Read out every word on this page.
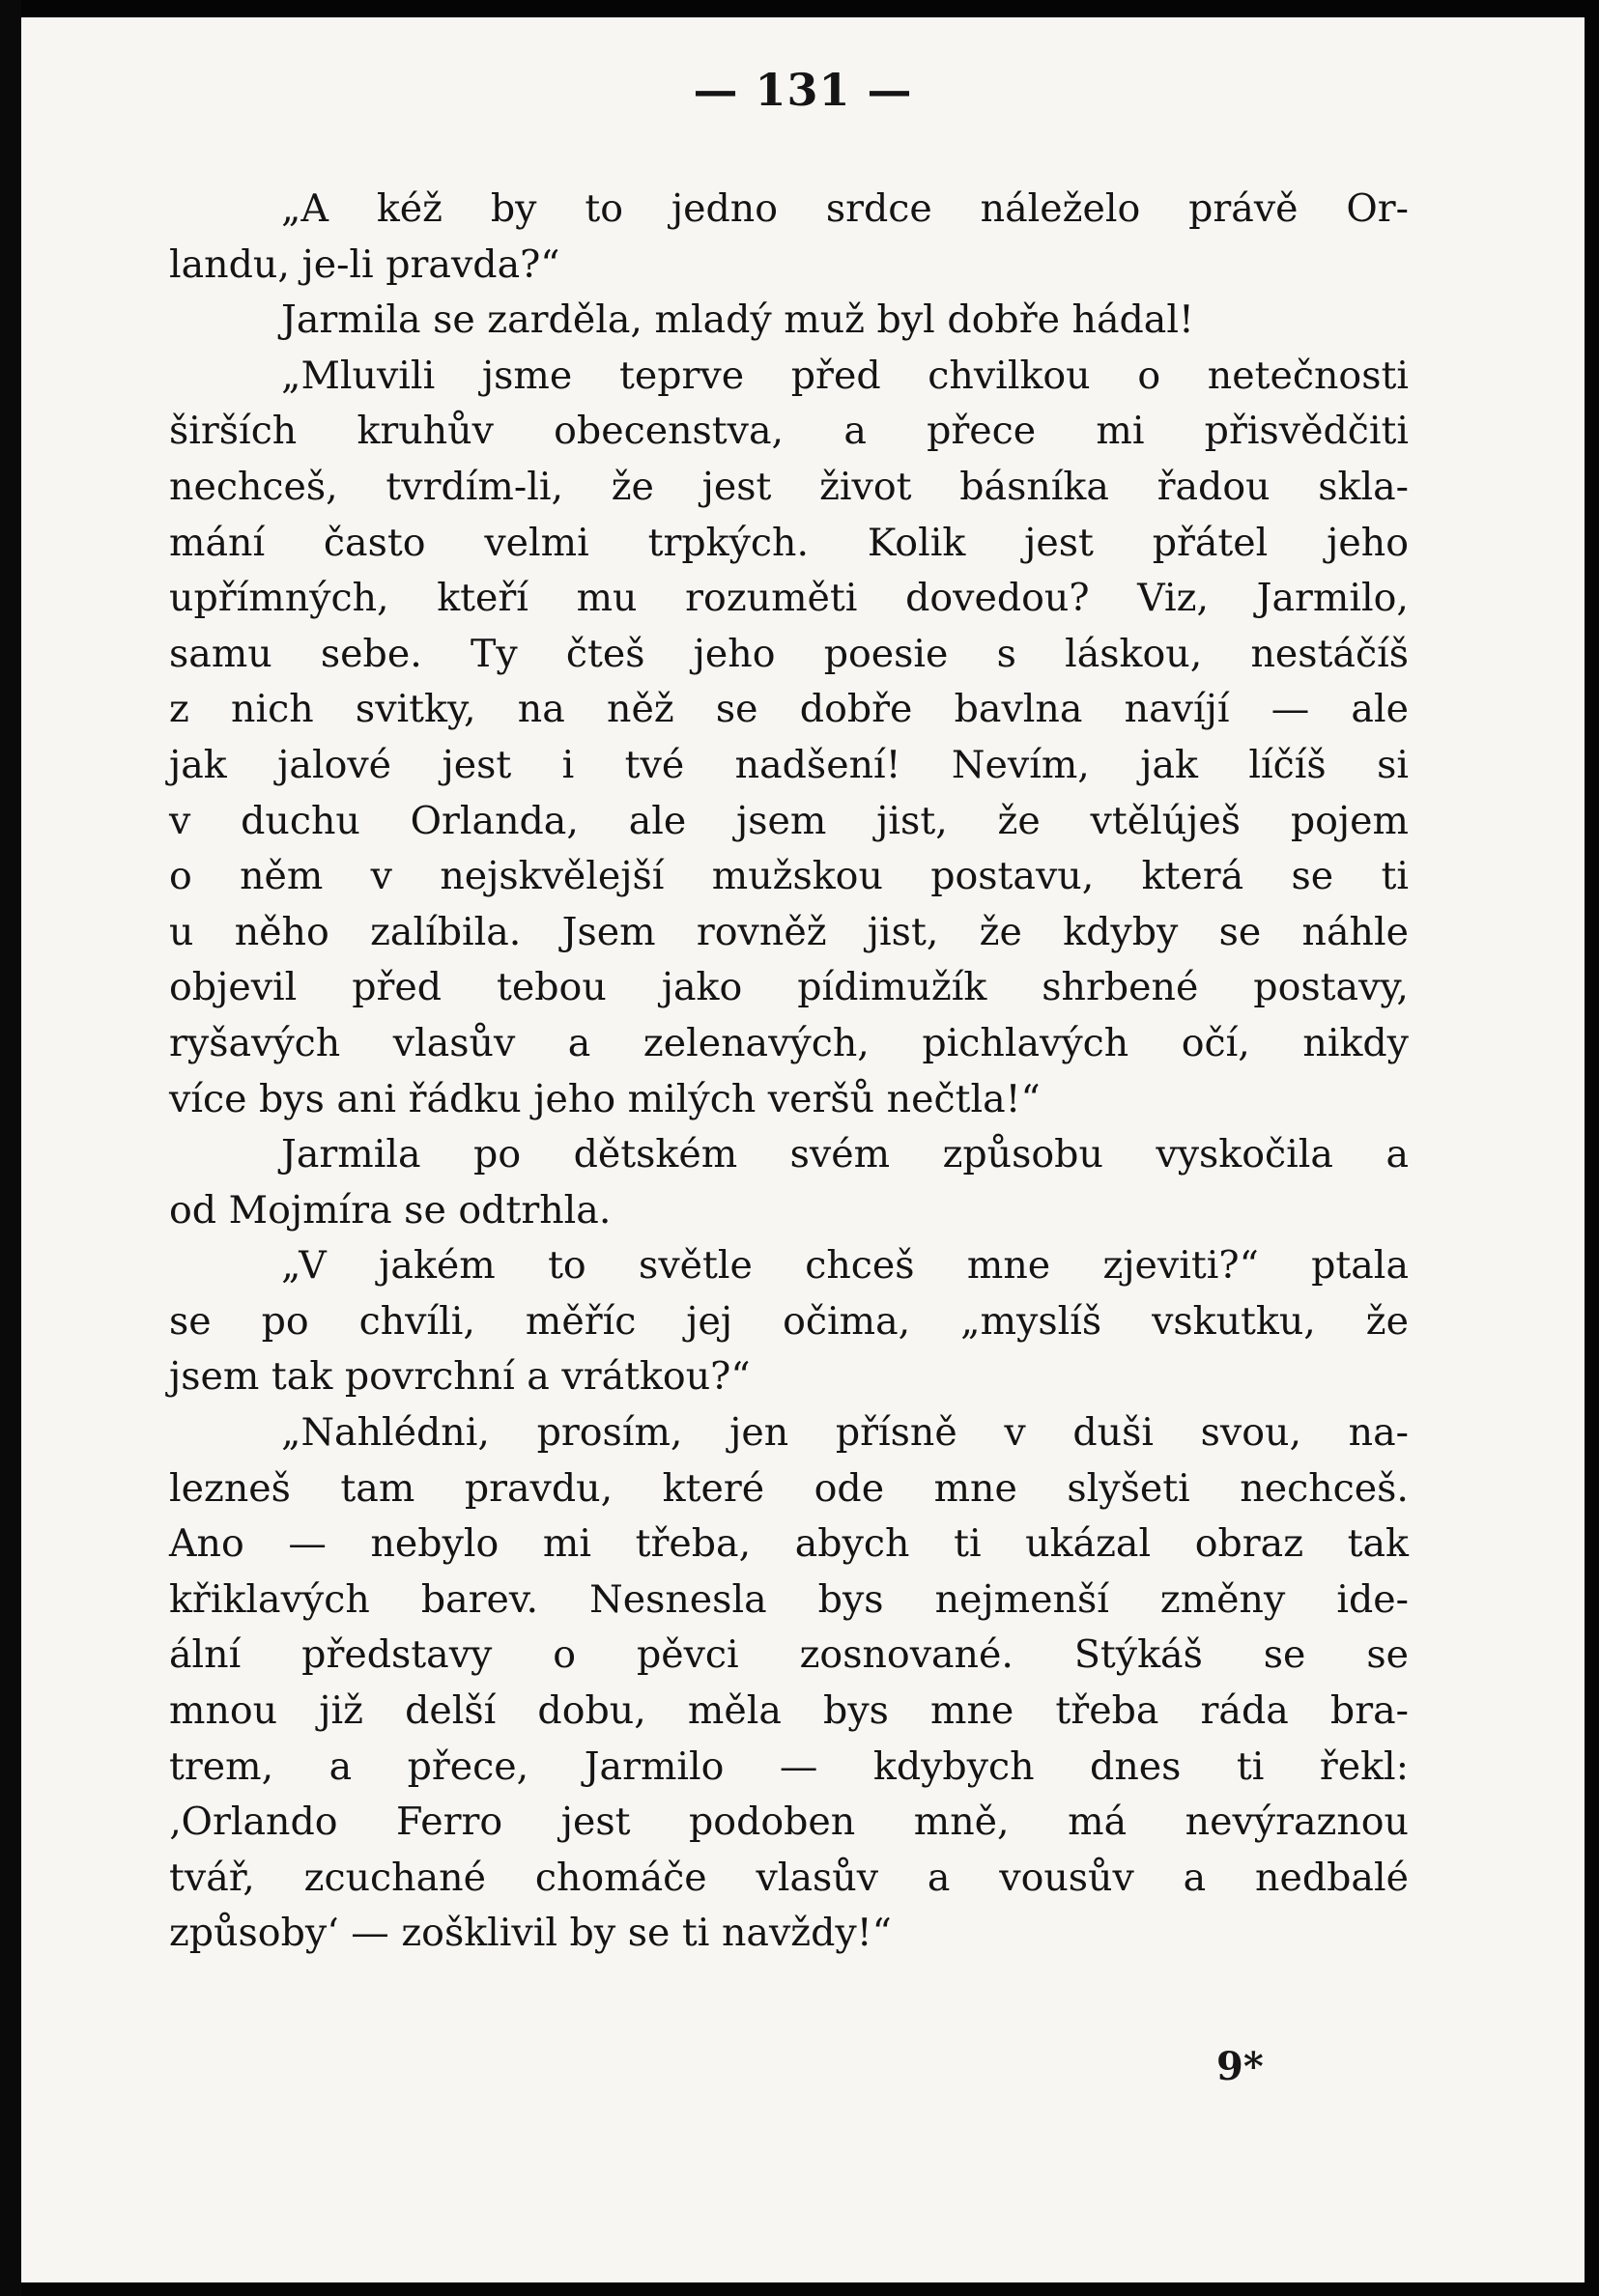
— 131 —
„A kéž by to jedno srdce náleželo právě Or-
landu, je-li pravda?“
Jarmila se zarděla, mladý muž byl dobře hádal!
„Mluvili jsme teprve před chvilkou o netečnosti
širších kruhův obecenstva, a přece mi přisvědčiti
nechceš, tvrdím-li, že jest život básníka řadou skla-
mání často velmi trpkých. Kolik jest přátel jeho
upřímných, kteří mu rozuměti dovedou? Viz, Jarmilo,
samu sebe. Ty čteš jeho poesie s láskou, nestáčíš
z nich svitky, na něž se dobře bavlna navíjí — ale
jak jalové jest i tvé nadšení! Nevím, jak líčíš si
v duchu Orlanda, ale jsem jist, že vtělúješ pojem
o něm v nejskvělejší mužskou postavu, která se ti
u něho zalíbila. Jsem rovněž jist, že kdyby se náhle
objevil před tebou jako pídimužík shrbené postavy,
ryšavých vlasův a zelenavých, pichlavých očí, nikdy
více bys ani řádku jeho milých veršů nečtla!“
Jarmila po dětském svém způsobu vyskočila a
od Mojmíra se odtrhla.
„V jakém to světle chceš mne zjeviti?“ ptala
se po chvíli, měříc jej očima, „myslíš vskutku, že
jsem tak povrchní a vrátkou?“
„Nahlédni, prosím, jen přísně v duši svou, na-
lezneš tam pravdu, které ode mne slyšeti nechceš.
Ano — nebylo mi třeba, abych ti ukázal obraz tak
křiklavých barev. Nesnesla bys nejmenší změny ide-
ální představy o pěvci zosnované. Stýkáš se se
mnou již delší dobu, měla bys mne třeba ráda bra-
trem, a přece, Jarmilo — kdybych dnes ti řekl:
‚Orlando Ferro jest podoben mně, má nevýraznou
tvář, zcuchané chomáče vlasův a vousův a nedbalé
způsoby‘ — zošklivil by se ti navždy!“
9*
